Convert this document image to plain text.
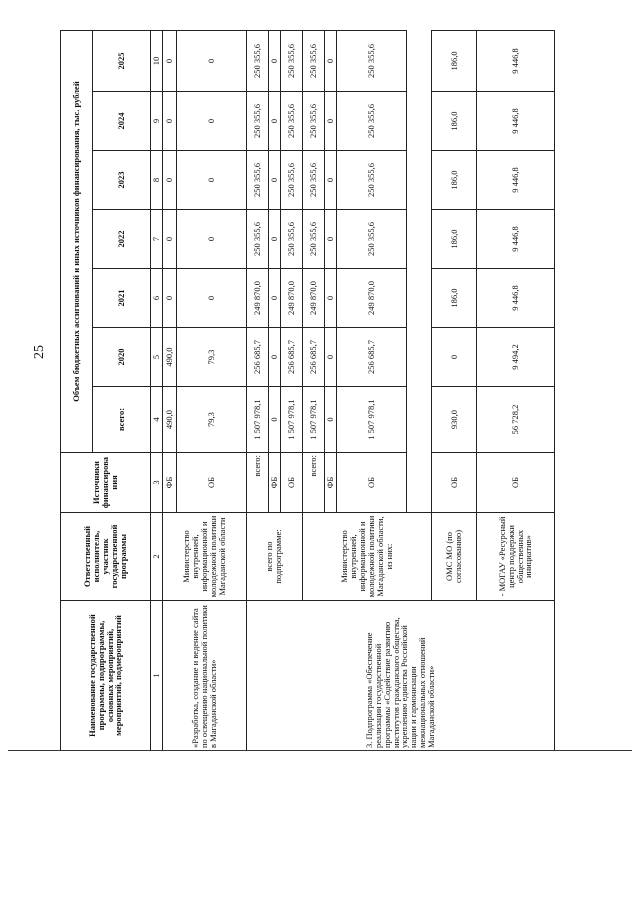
25
Наименование государственной программы, подпрограммы, основных мероприятий, мероприятий, подмероприятий	Ответственный исполнитель, участник государственной программы	Источники финансирования	Объем бюджетных ассигнований и иных источников финансирования, тыс. рублей						
			всего:	2020	2021	2022	2023	2024	2025
1	2	3	4	5	6	7	8	9	10
«Разработка, создание и ведение сайта по освещению национальной политики в Магаданской области»	Министерство внутренней, информационной и молодежной политики Магаданской области	ФБ	490,0	490,0	0	0	0	0	0
		ОБ	79,3	79,3	0	0	0	0	0
3. Подпрограмма «Обеспечение реализации государственной программы «Содействие развитию институтов гражданского общества, укреплению единства Российской нации и гармонизации межнациональных отношений Магаданской области»	всего по подпрограмме:	всего:	1 507 978,1	256 685,7	249 870,0	250 355,6	250 355,6	250 355,6	250 355,6
		ФБ	0	0	0	0	0	0	0
		ОБ	1 507 978,1	256 685,7	249 870,0	250 355,6	250 355,6	250 355,6	250 355,6
	Министерство внутренней, информационной и молодежной политики Магаданской области, из них:	всего:	1 507 978,1	256 685,7	249 870,0	250 355,6	250 355,6	250 355,6	250 355,6
		ФБ	0	0	0	0	0	0	0
		ОБ	1 507 978,1	256 685,7	249 870,0	250 355,6	250 355,6	250 355,6	250 355,6

	ОМС МО (по согласованию)	ОБ	930,0	0	186,0	186,0	186,0	186,0	186,0
	- МОГАУ «Ресурсный центр поддержки общественных инициатив»	ОБ	56 728,2	9 494,2	9 446,8	9 446,8	9 446,8	9 446,8	9 446,8
